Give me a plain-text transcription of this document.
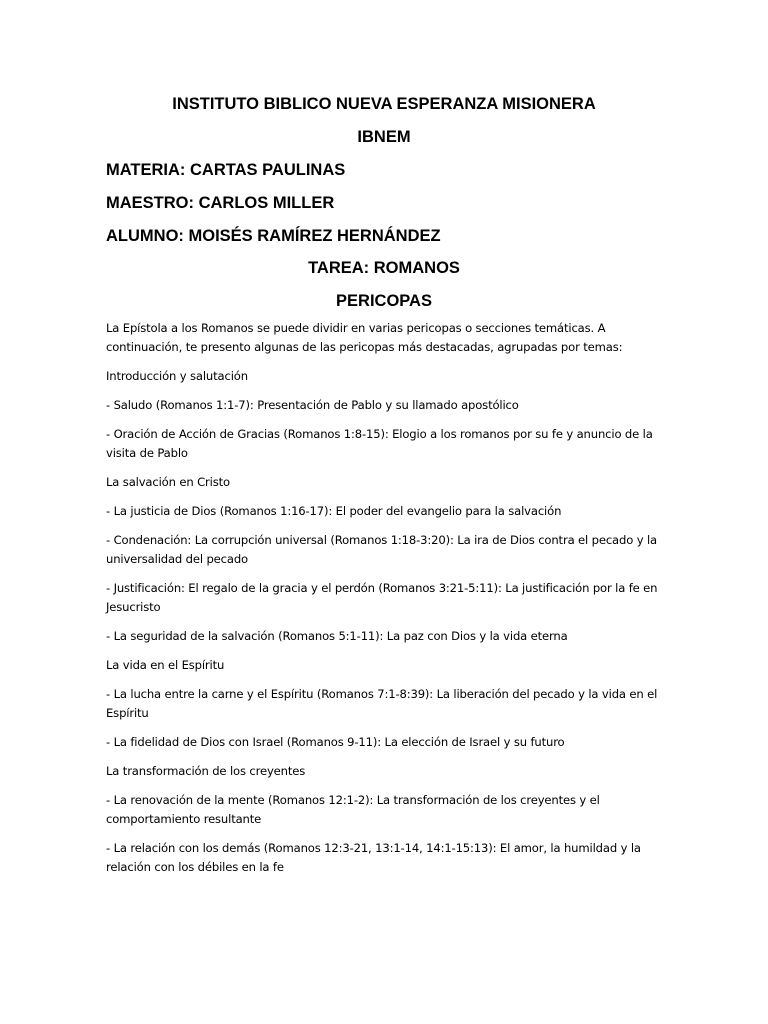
INSTITUTO BIBLICO NUEVA ESPERANZA MISIONERA
IBNEM

MATERIA: CARTAS PAULINAS

MAESTRO: CARLOS MILLER

ALUMNO: MOISÉS RAMÍREZ HERNÁNDEZ

TAREA: ROMANOS
PERICOPAS

La Epístola a los Romanos se puede dividir en varias pericopas o secciones temáticas. A continuación, te presento algunas de las pericopas más destacadas, agrupadas por temas:

Introducción y salutación

- Saludo (Romanos 1:1-7): Presentación de Pablo y su llamado apostólico

- Oración de Acción de Gracias (Romanos 1:8-15): Elogio a los romanos por su fe y anuncio de la visita de Pablo

La salvación en Cristo

- La justicia de Dios (Romanos 1:16-17): El poder del evangelio para la salvación

- Condenación: La corrupción universal (Romanos 1:18-3:20): La ira de Dios contra el pecado y la universalidad del pecado

- Justificación: El regalo de la gracia y el perdón (Romanos 3:21-5:11): La justificación por la fe en Jesucristo

- La seguridad de la salvación (Romanos 5:1-11): La paz con Dios y la vida eterna

La vida en el Espíritu

- La lucha entre la carne y el Espíritu (Romanos 7:1-8:39): La liberación del pecado y la vida en el Espíritu

- La fidelidad de Dios con Israel (Romanos 9-11): La elección de Israel y su futuro

La transformación de los creyentes

- La renovación de la mente (Romanos 12:1-2): La transformación de los creyentes y el comportamiento resultante

- La relación con los demás (Romanos 12:3-21, 13:1-14, 14:1-15:13): El amor, la humildad y la relación con los débiles en la fe
